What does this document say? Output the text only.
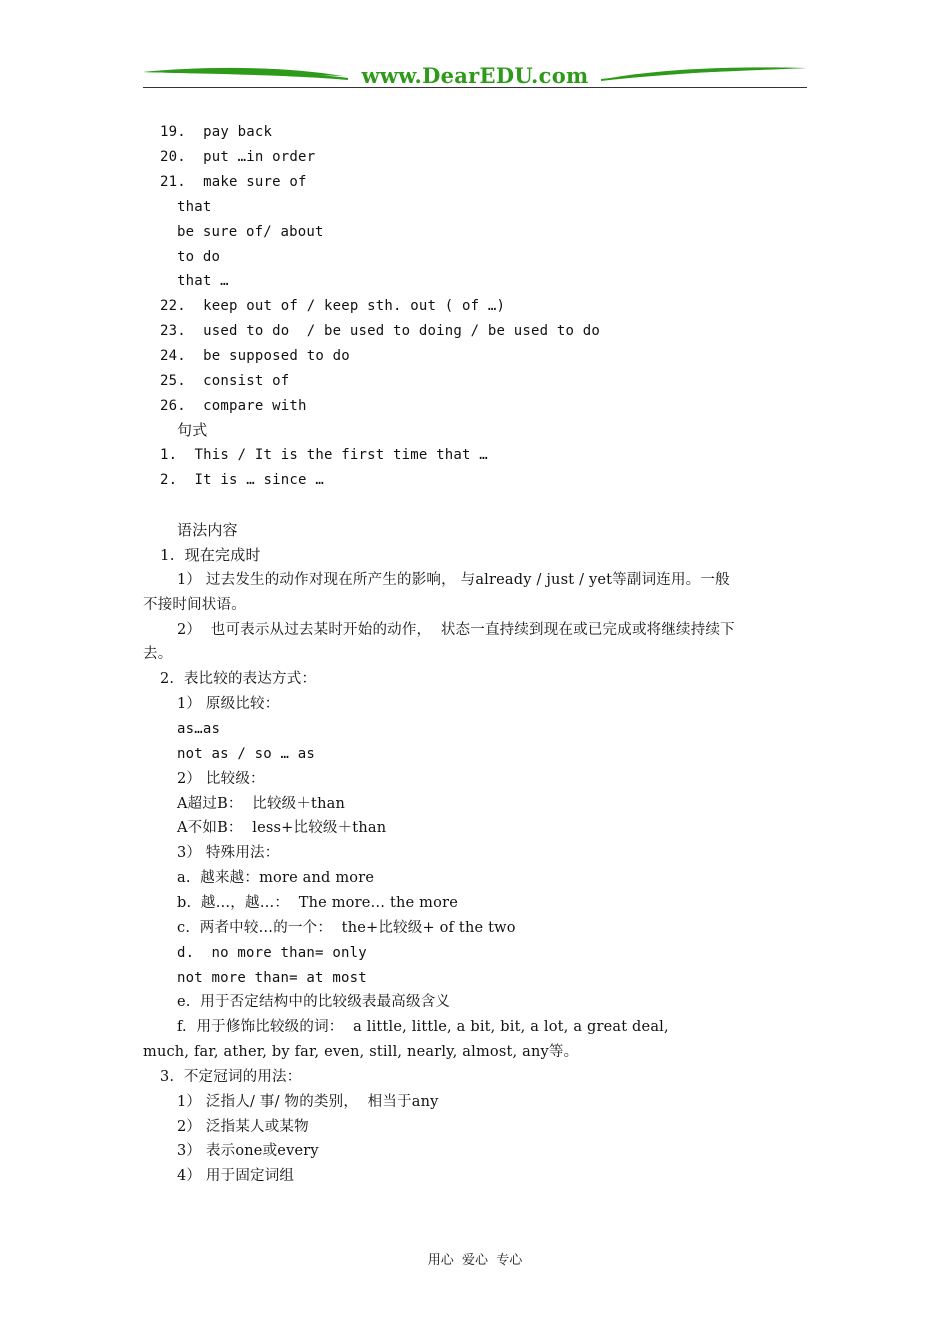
www.DearEDU.com
19.  pay back
20.  put …in order
21.  make sure of
that
be sure of/ about
to do
that …
22.  keep out of / keep sth. out ( of …)
23.  used to do  / be used to doing / be used to do
24.  be supposed to do
25.  consist of
26.  compare with
句式
1.  This / It is the first time that …
2.  It is … since …
语法内容
1.  现在完成时
1） 过去发生的动作对现在所产生的影响， 与already / just / yet等副词连用。一般
不接时间状语。
2）  也可表示从过去某时开始的动作，  状态一直持续到现在或已完成或将继续持续下
去。
2.  表比较的表达方式：
1） 原级比较：
as…as
not as / so … as
2） 比较级：
A超过B：  比较级＋than
A不如B：  less+比较级＋than
3） 特殊用法：
a.  越来越：more and more
b.  越…，越…：  The more… the more
c.  两者中较…的一个：  the+比较级+ of the two
d.  no more than= only
not more than= at most
e.  用于否定结构中的比较级表最高级含义
f.  用于修饰比较级的词：  a little, little, a bit, bit, a lot, a great deal,
much, far, ather, by far, even, still, nearly, almost, any等。
3.  不定冠词的用法：
1） 泛指人/ 事/ 物的类别，  相当于any
2） 泛指某人或某物
3） 表示one或every
4） 用于固定词组
用心  爱心  专心
